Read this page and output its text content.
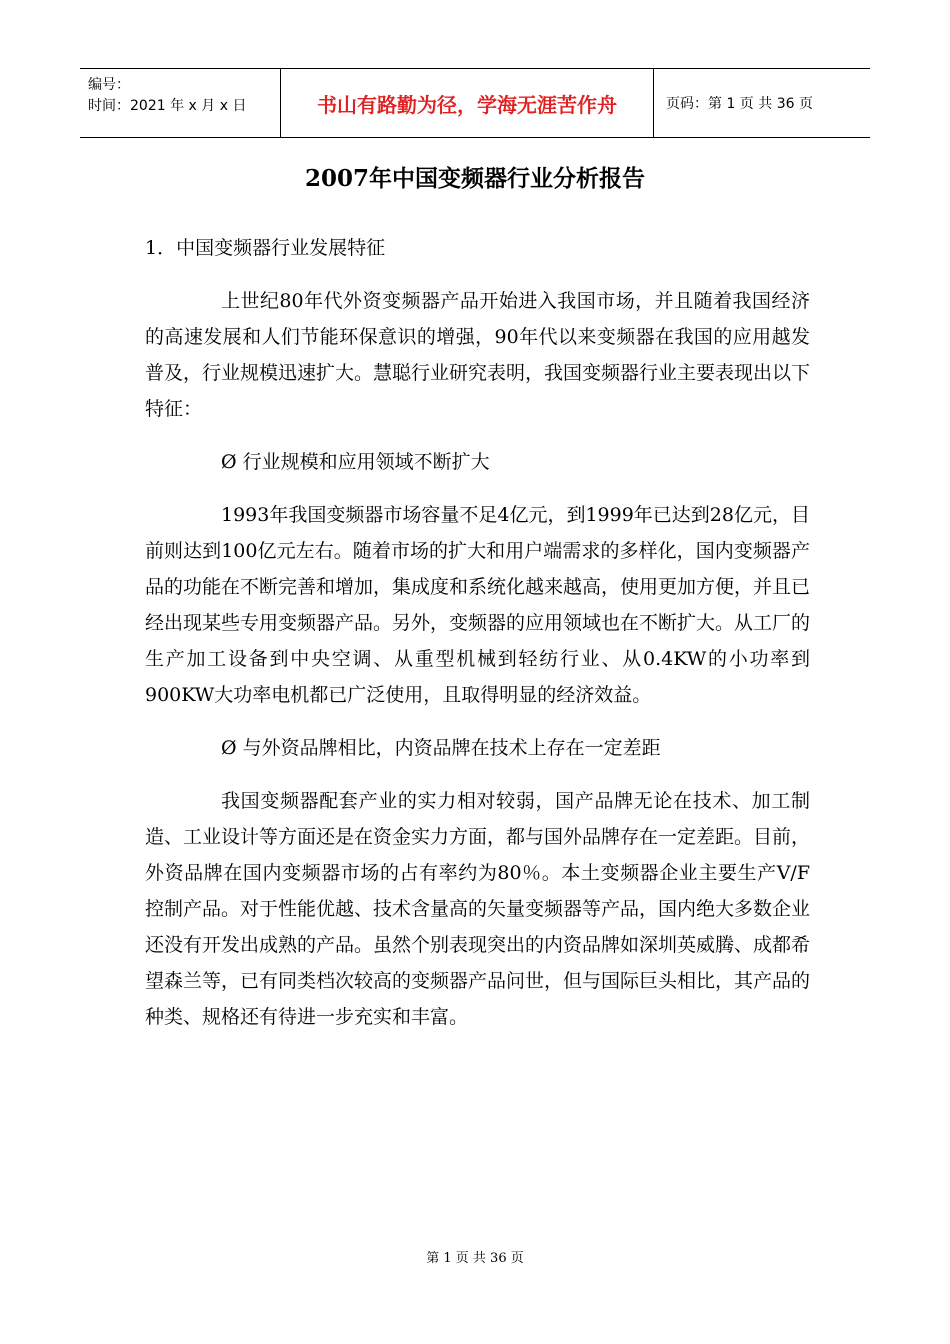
编号：
时间：2021 年 x 月 x 日	书山有路勤为径，学海无涯苦作舟	页码：第 1 页 共 36 页
2007年中国变频器行业分析报告

1．中国变频器行业发展特征

上世纪80年代外资变频器产品开始进入我国市场，并且随着我国经济的高速发展和人们节能环保意识的增强，90年代以来变频器在我国的应用越发普及，行业规模迅速扩大。慧聪行业研究表明，我国变频器行业主要表现出以下特征：

Ø 行业规模和应用领域不断扩大

1993年我国变频器市场容量不足4亿元，到1999年已达到28亿元，目前则达到100亿元左右。随着市场的扩大和用户端需求的多样化，国内变频器产品的功能在不断完善和增加，集成度和系统化越来越高，使用更加方便，并且已经出现某些专用变频器产品。另外，变频器的应用领域也在不断扩大。从工厂的生产加工设备到中央空调、从重型机械到轻纺行业、从0.4KW的小功率到900KW大功率电机都已广泛使用，且取得明显的经济效益。

Ø 与外资品牌相比，内资品牌在技术上存在一定差距

我国变频器配套产业的实力相对较弱，国产品牌无论在技术、加工制造、工业设计等方面还是在资金实力方面，都与国外品牌存在一定差距。目前，外资品牌在国内变频器市场的占有率约为80％。本土变频器企业主要生产V/F控制产品。对于性能优越、技术含量高的矢量变频器等产品，国内绝大多数企业还没有开发出成熟的产品。虽然个别表现突出的内资品牌如深圳英威腾、成都希望森兰等，已有同类档次较高的变频器产品问世，但与国际巨头相比，其产品的种类、规格还有待进一步充实和丰富。

第 1 页 共 36 页
